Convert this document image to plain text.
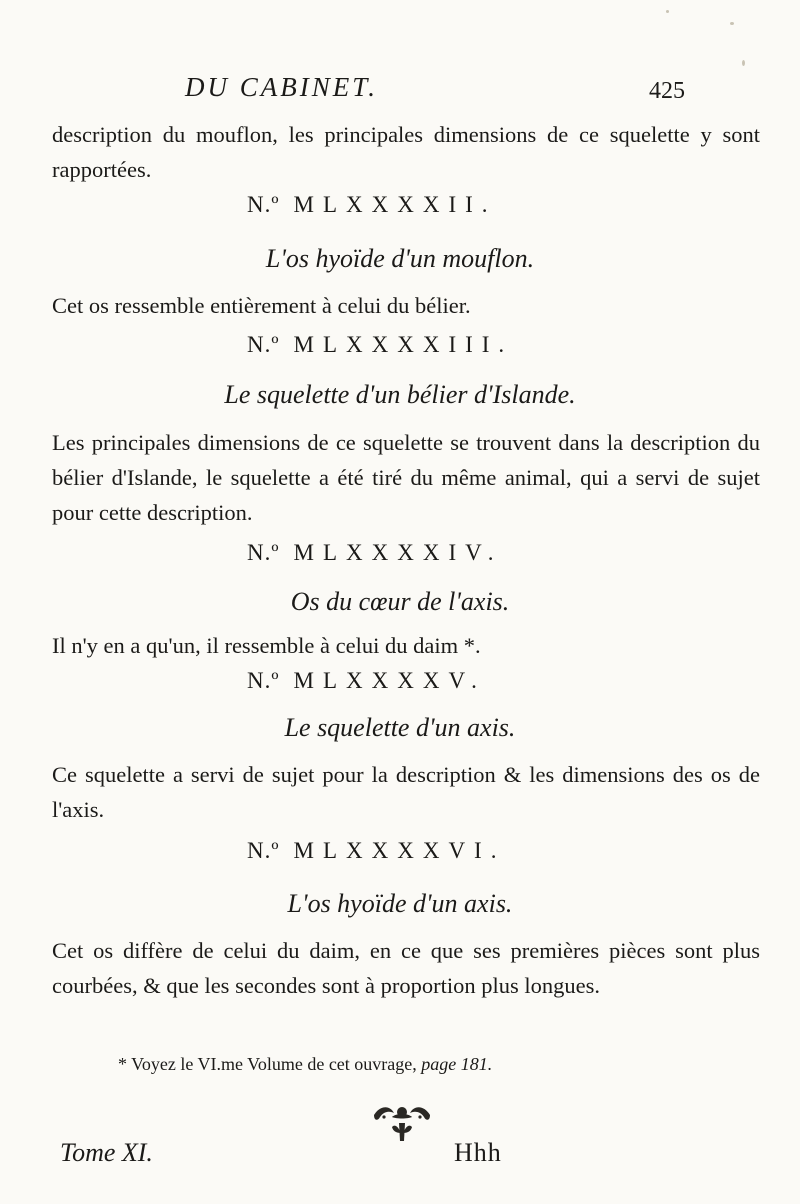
DU CABINET.	425
description du mouflon, les principales dimensions de ce squelette y sont rapportées.
N.º MLXXXXII.
L'os hyoïde d'un mouflon.
Cet os ressemble entièrement à celui du bélier.
N.º MLXXXXIII.
Le squelette d'un bélier d'Islande.
Les principales dimensions de ce squelette se trouvent dans la description du bélier d'Islande, le squelette a été tiré du même animal, qui a servi de sujet pour cette description.
N.º MLXXXXIV.
Os du cœur de l'axis.
Il n'y en a qu'un, il ressemble à celui du daim *.
N.º MLXXXXV.
Le squelette d'un axis.
Ce squelette a servi de sujet pour la description & les dimensions des os de l'axis.
N.º MLXXXXVI.
L'os hyoïde d'un axis.
Cet os diffère de celui du daim, en ce que ses premières pièces sont plus courbées, & que les secondes sont à proportion plus longues.
* Voyez le VI.me Volume de cet ouvrage, page 181.
Tome XI.	Hhh
